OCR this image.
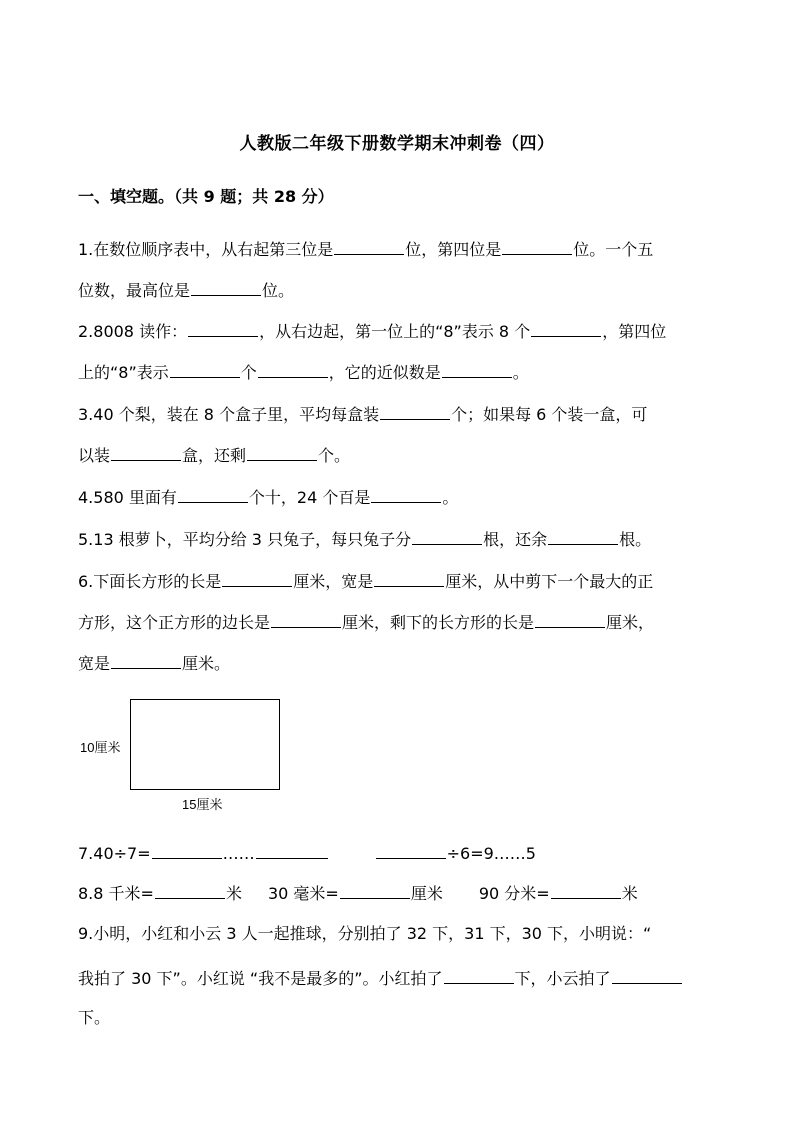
人教版二年级下册数学期末冲刺卷（四）
一、填空题。（共 9 题；共 28 分）
1.在数位顺序表中，从右起第三位是	位，第四位是	位。一个五
位数，最高位是	位。
2.8008 读作：	，从右边起，第一位上的“8”表示 8 个	，第四位
上的“8”表示	个	，它的近似数是	。
3.40 个梨，装在 8 个盒子里，平均每盒装	个；如果每 6 个装一盒，可
以装	盒，还剩	个。
4.580 里面有	个十，24 个百是	。
5.13 根萝卜，平均分给 3 只兔子，每只兔子分	根，还余	根。
6.下面长方形的长是	厘米，宽是	厘米，从中剪下一个最大的正
方形，这个正方形的边长是	厘米，剩下的长方形的长是	厘米，
宽是	厘米。
10厘米
15厘米
7.40÷7=	……	÷6=9……5
8.8 千米=	米 30 毫米=	厘米 90 分米=	米
9.小明，小红和小云 3 人一起推球，分别拍了 32 下，31 下，30 下，小明说：“
我拍了 30 下”。小红说 “我不是最多的”。小红拍了	下，小云拍了
下。
